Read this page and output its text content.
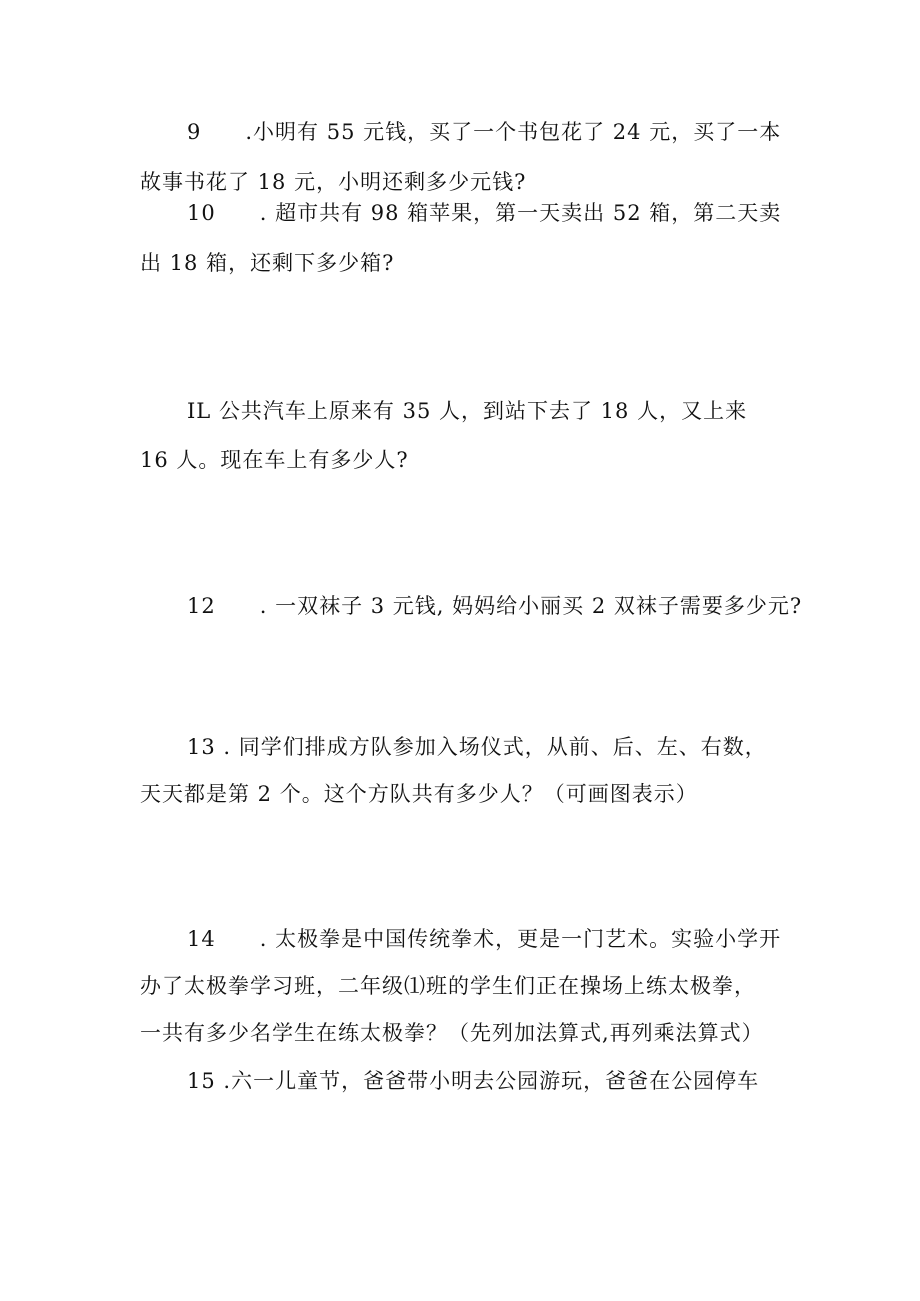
9　　.小明有 55 元钱，买了一个书包花了 24 元，买了一本
故事书花了 18 元，小明还剩多少元钱?
10　　. 超市共有 98 箱苹果，第一天卖出 52 箱，第二天卖
出 18 箱，还剩下多少箱?
IL 公共汽车上原来有 35 人，到站下去了 18 人，又上来
16 人。现在车上有多少人?
12　　. 一双袜子 3 元钱, 妈妈给小丽买 2 双袜子需要多少元?
13 . 同学们排成方队参加入场仪式，从前、后、左、右数，
天天都是第 2 个。这个方队共有多少人？（可画图表示）
14　　. 太极拳是中国传统拳术，更是一门艺术。实验小学开
办了太极拳学习班，二年级⑴班的学生们正在操场上练太极拳，
一共有多少名学生在练太极拳？（先列加法算式,再列乘法算式）
15 .六一儿童节，爸爸带小明去公园游玩，爸爸在公园停车
